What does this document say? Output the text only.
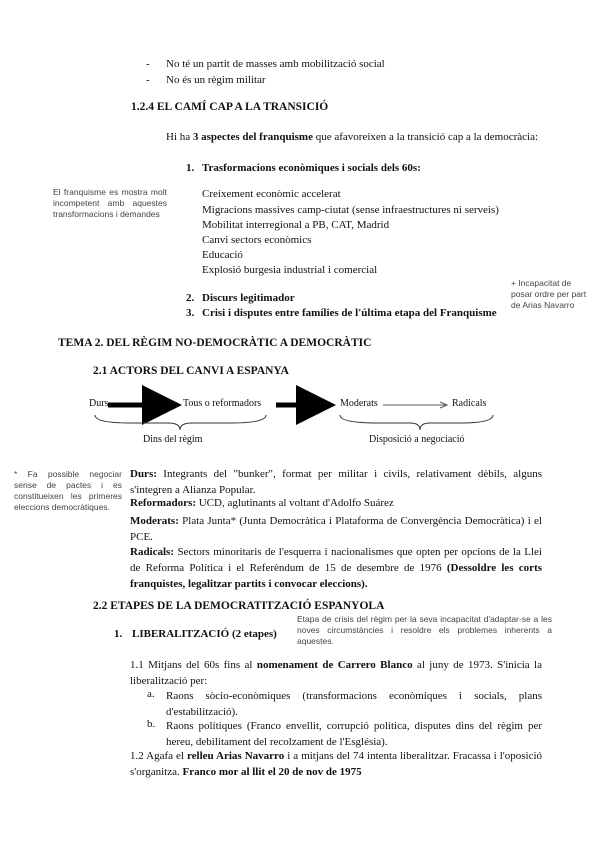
- No té un partit de masses amb mobilització social
- No és un règim militar
1.2.4 EL CAMÍ CAP A LA TRANSICIÓ
Hi ha 3 aspectes del franquisme que afavoreixen a la transició cap a la democràcia:
1. Trasformacions econòmiques i socials dels 60s:
El franquisme es mostra molt incompetent amb aquestes transformacions i demandes
Creixement econòmic accelerat
Migracions massives camp-ciutat (sense infraestructures ni serveis)
Mobilitat interregional a PB, CAT, Madrid
Canvi sectors econòmics
Educació
Explosió burgesia industrial i comercial
+ Incapacitat de posar ordre per part de Arias Navarro
2. Discurs legitimador
3. Crisi i disputes entre famílies de l'última etapa del Franquisme
TEMA 2. DEL RÈGIM NO-DEMOCRÀTIC A DEMOCRÀTIC
2.1 ACTORS DEL CANVI A ESPANYA
Durs	Tous o reformadors	Moderats	Radicals
Dins del règim	Disposició a negociació
* Fa possible negociar sense de pactes i es constitueixen les primeres eleccions democràtiques.
Durs: Integrants del "bunker", format per militar i civils, relativament dèbils, alguns s'integren a Alianza Popular.
Reformadors: UCD, aglutinants al voltant d'Adolfo Suárez
Moderats: Plata Junta* (Junta Democràtica i Plataforma de Convergència Democràtica) i el PCE.
Radicals: Sectors minoritaris de l'esquerra i nacionalismes que opten per opcions de la Llei de Reforma Política i el Referèndum de 15 de desembre de 1976 (Dessoldre les corts franquistes, legalitzar partits i convocar eleccions).
2.2 ETAPES DE LA DEMOCRATITZACIÓ ESPANYOLA
1. LIBERALITZACIÓ (2 etapes)
Etapa de crisis del règim per la seva incapacitat d'adaptar-se a les noves circumstàncies i resoldre els problemes inherents a aquestes.
1.1 Mitjans del 60s fins al nomenament de Carrero Blanco al juny de 1973. S'inicia la liberalització per:
a. Raons sòcio-econòmiques (transformacions econòmiques i socials, plans d'estabilització).
b. Raons polítiques (Franco envellit, corrupció política, disputes dins del règim per hereu, debilitament del recolzament de l'Església).
1.2 Agafa el relleu Arias Navarro i a mitjans del 74 intenta liberalitzar. Fracassa i l'oposició s'organitza. Franco mor al llit el 20 de nov de 1975
